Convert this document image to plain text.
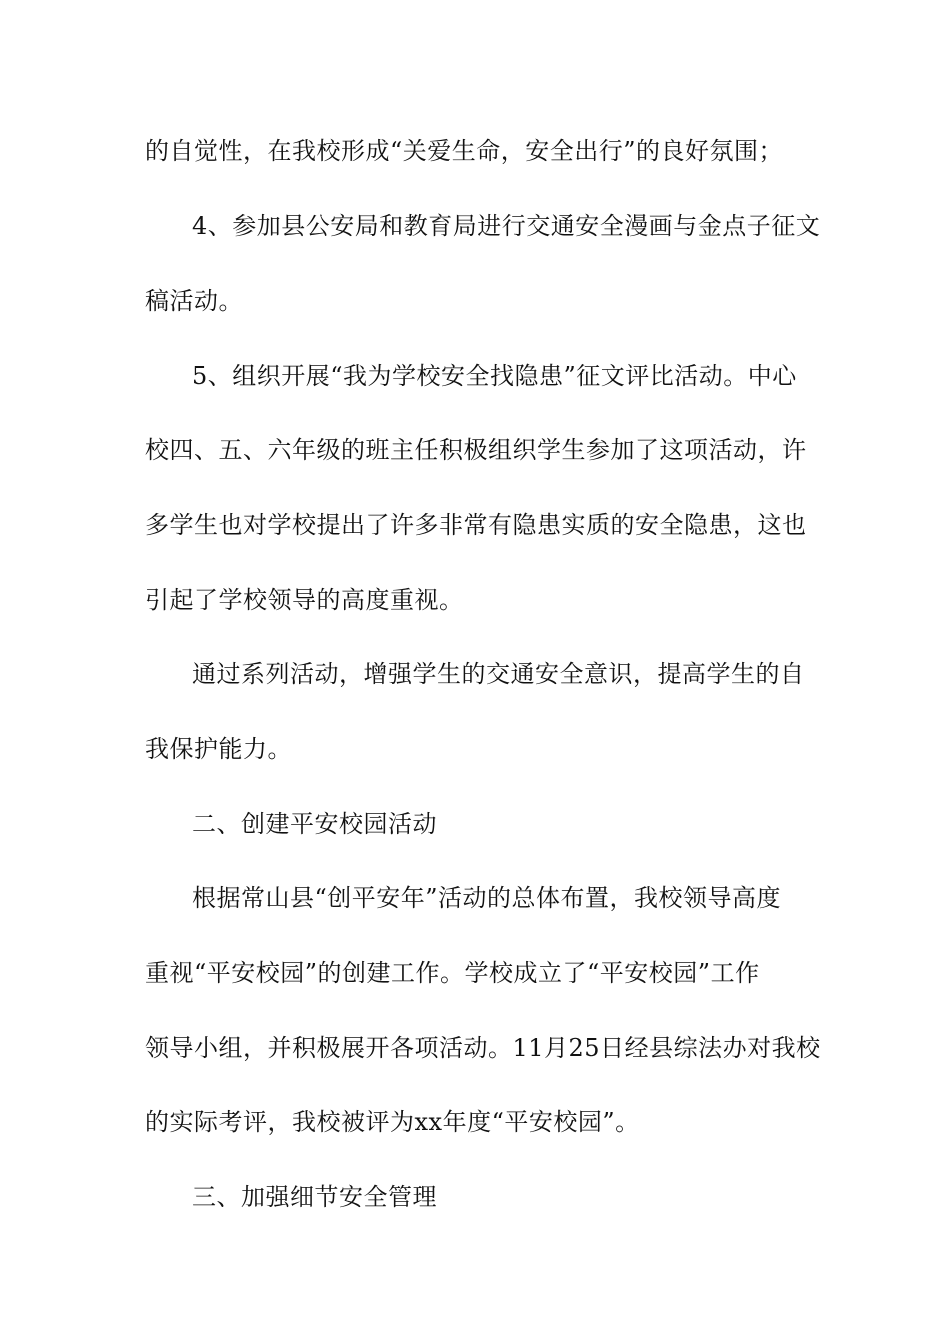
的自觉性，在我校形成“关爱生命，安全出行”的良好氛围；
4、参加县公安局和教育局进行交通安全漫画与金点子征文
稿活动。
5、组织开展“我为学校安全找隐患”征文评比活动。中心
校四、五、六年级的班主任积极组织学生参加了这项活动，许
多学生也对学校提出了许多非常有隐患实质的安全隐患，这也
引起了学校领导的高度重视。
通过系列活动，增强学生的交通安全意识，提高学生的自
我保护能力。
二、创建平安校园活动
根据常山县“创平安年”活动的总体布置，我校领导高度
重视“平安校园”的创建工作。学校成立了“平安校园”工作
领导小组，并积极展开各项活动。11月25日经县综法办对我校
的实际考评，我校被评为xx年度“平安校园”。
三、加强细节安全管理
